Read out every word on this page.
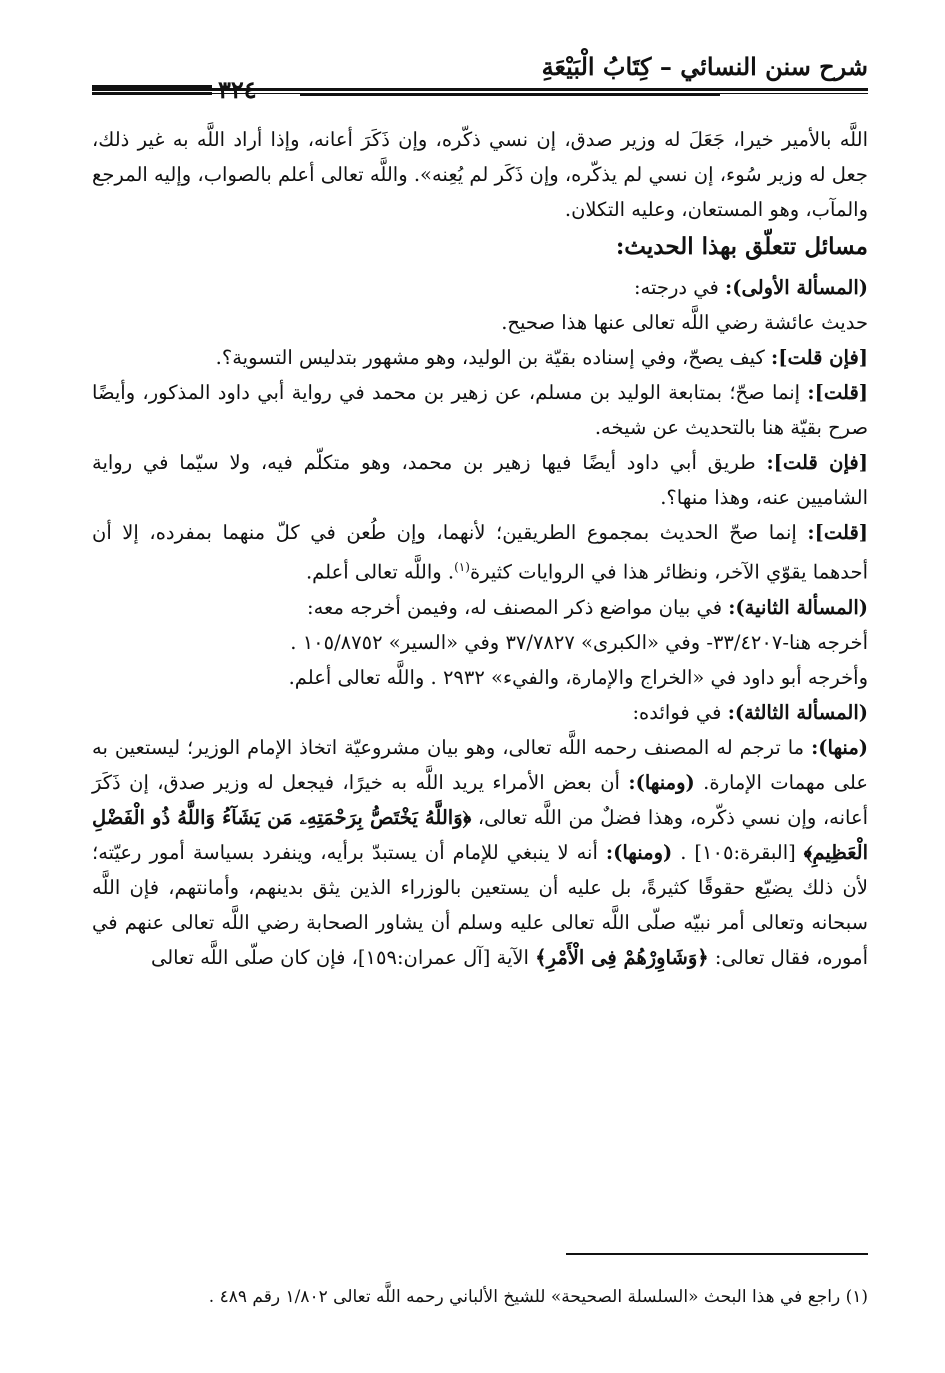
شرح سنن النسائي – كِتَابُ الْبَيْعَةِ
٣٢٤

اللَّه بالأمير خيرا، جَعَلَ له وزير صدق، إن نسي ذكّره، وإن ذَكَرَ أعانه، وإذا أراد اللَّه به غير ذلك، جعل له وزير سُوء، إن نسي لم يذكّره، وإن ذَكَر لم يُعِنه». واللَّه تعالى أعلم بالصواب، وإليه المرجع والمآب، وهو المستعان، وعليه التكلان.

مسائل تتعلّق بهذا الحديث:

(المسألة الأولى): في درجته:

حديث عائشة رضي اللَّه تعالى عنها هذا صحيح.

[فإن قلت]: كيف يصحّ، وفي إسناده بقيّة بن الوليد، وهو مشهور بتدليس التسوية؟.

[قلت]: إنما صحّ؛ بمتابعة الوليد بن مسلم، عن زهير بن محمد في رواية أبي داود المذكور، وأيضًا صرح بقيّة هنا بالتحديث عن شيخه.

[فإن قلت]: طريق أبي داود أيضًا فيها زهير بن محمد، وهو متكلّم فيه، ولا سيّما في رواية الشاميين عنه، وهذا منها؟.

[قلت]: إنما صحّ الحديث بمجموع الطريقين؛ لأنهما، وإن طُعن في كلّ منهما بمفرده، إلا أن أحدهما يقوّي الآخر، ونظائر هذا في الروايات كثيرة$^{(١)}$. واللَّه تعالى أعلم.

(المسألة الثانية): في بيان مواضع ذكر المصنف له، وفيمن أخرجه معه:

أخرجه هنا-٣٣/٤٢٠٧- وفي «الكبرى» ٣٧/٧٨٢٧ وفي «السير» ١٠٥/٨٧٥٢ .

وأخرجه أبو داود في «الخراج والإمارة، والفيء» ٢٩٣٢ . واللَّه تعالى أعلم.

(المسألة الثالثة): في فوائده:

(منها): ما ترجم له المصنف رحمه اللَّه تعالى، وهو بيان مشروعيّة اتخاذ الإمام الوزير؛ ليستعين به على مهمات الإمارة. (ومنها): أن بعض الأمراء يريد اللَّه به خيرًا، فيجعل له وزير صدق، إن ذَكَرَ أعانه، وإن نسي ذكّره، وهذا فضلٌ من اللَّه تعالى، ﴿وَاللَّهُ يَخْتَصُّ بِرَحْمَتِهِۦ مَن يَشَآءُ وَاللَّهُ ذُو الْفَضْلِ الْعَظِيمِ﴾ [البقرة:١٠٥] . (ومنها): أنه لا ينبغي للإمام أن يستبدّ برأيه، وينفرد بسياسة أمور رعيّته؛ لأن ذلك يضيّع حقوقًا كثيرةً، بل عليه أن يستعين بالوزراء الذين يثق بدينهم، وأمانتهم، فإن اللَّه سبحانه وتعالى أمر نبيّه صلّى اللَّه تعالى عليه وسلم أن يشاور الصحابة رضي اللَّه تعالى عنهم في أموره، فقال تعالى: ﴿وَشَاوِرْهُمْ فِى الْأَمْرِ﴾ الآية [آل عمران:١٥٩]، فإن كان صلّى اللَّه تعالى

(١) راجع في هذا البحث «السلسلة الصحيحة» للشيخ الألباني رحمه اللَّه تعالى ١/٨٠٢ رقم ٤٨٩ .
